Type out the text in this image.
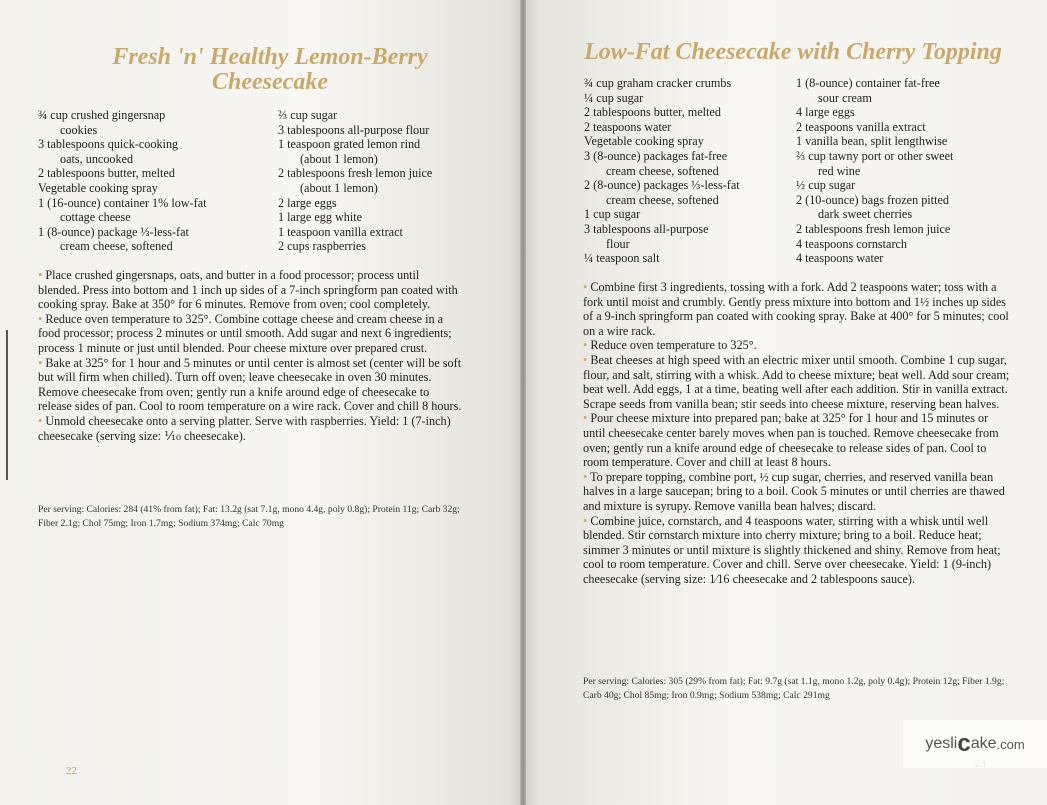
Fresh 'n' Healthy Lemon-Berry
Cheesecake
¾ cup crushed gingersnap
cookies
3 tablespoons quick-cooking
oats, uncooked
2 tablespoons butter, melted
Vegetable cooking spray
1 (16-ounce) container 1% low-fat
cottage cheese
1 (8-ounce) package ⅓-less-fat
cream cheese, softened
⅔ cup sugar
3 tablespoons all-purpose flour
1 teaspoon grated lemon rind
(about 1 lemon)
2 tablespoons fresh lemon juice
(about 1 lemon)
2 large eggs
1 large egg white
1 teaspoon vanilla extract
2 cups raspberries

• Place crushed gingersnaps, oats, and butter in a food processor; process until blended. Press into bottom and 1 inch up sides of a 7-inch springform pan coated with cooking spray. Bake at 350° for 6 minutes. Remove from oven; cool completely.

• Reduce oven temperature to 325°. Combine cottage cheese and cream cheese in a food processor; process 2 minutes or until smooth. Add sugar and next 6 ingredients; process 1 minute or just until blended. Pour cheese mixture over prepared crust.

• Bake at 325° for 1 hour and 5 minutes or until center is almost set (center will be soft but will firm when chilled). Turn off oven; leave cheesecake in oven 30 minutes. Remove cheesecake from oven; gently run a knife around edge of cheesecake to release sides of pan. Cool to room temperature on a wire rack. Cover and chill 8 hours.

• Unmold cheesecake onto a serving platter. Serve with raspberries. Yield: 1 (7-inch) cheesecake (serving size: ⅒ cheesecake).

Per serving: Calories: 284 (41% from fat); Fat: 13.2g (sat 7.1g, mono 4.4g, poly 0.8g); Protein 11g; Carb 32g; Fiber 2.1g; Chol 75mg; Iron 1.7mg; Sodium 374mg; Calc 70mg
22
Low-Fat Cheesecake with Cherry Topping
¾ cup graham cracker crumbs
¼ cup sugar
2 tablespoons butter, melted
2 teaspoons water
Vegetable cooking spray
3 (8-ounce) packages fat-free
cream cheese, softened
2 (8-ounce) packages ⅓-less-fat
cream cheese, softened
1 cup sugar
3 tablespoons all-purpose
flour
¼ teaspoon salt
1 (8-ounce) container fat-free
sour cream
4 large eggs
2 teaspoons vanilla extract
1 vanilla bean, split lengthwise
⅔ cup tawny port or other sweet
red wine
½ cup sugar
2 (10-ounce) bags frozen pitted
dark sweet cherries
2 tablespoons fresh lemon juice
4 teaspoons cornstarch
4 teaspoons water

• Combine first 3 ingredients, tossing with a fork. Add 2 teaspoons water; toss with a fork until moist and crumbly. Gently press mixture into bottom and 1½ inches up sides of a 9-inch springform pan coated with cooking spray. Bake at 400° for 5 minutes; cool on a wire rack.

• Reduce oven temperature to 325°.

• Beat cheeses at high speed with an electric mixer until smooth. Combine 1 cup sugar, flour, and salt, stirring with a whisk. Add to cheese mixture; beat well. Add sour cream; beat well. Add eggs, 1 at a time, beating well after each addition. Stir in vanilla extract. Scrape seeds from vanilla bean; stir seeds into cheese mixture, reserving bean halves.

• Pour cheese mixture into prepared pan; bake at 325° for 1 hour and 15 minutes or until cheesecake center barely moves when pan is touched. Remove cheesecake from oven; gently run a knife around edge of cheesecake to release sides of pan. Cool to room temperature. Cover and chill at least 8 hours.

• To prepare topping, combine port, ½ cup sugar, cherries, and reserved vanilla bean halves in a large saucepan; bring to a boil. Cook 5 minutes or until cherries are thawed and mixture is syrupy. Remove vanilla bean halves; discard.

• Combine juice, cornstarch, and 4 teaspoons water, stirring with a whisk until well blended. Stir cornstarch mixture into cherry mixture; bring to a boil. Reduce heat; simmer 3 minutes or until mixture is slightly thickened and shiny. Remove from heat; cool to room temperature. Cover and chill. Serve over cheesecake. Yield: 1 (9-inch) cheesecake (serving size: 1⁄16 cheesecake and 2 tablespoons sauce).

Per serving: Calories: 305 (29% from fat); Fat: 9.7g (sat 1.1g, mono 1.2g, poly 0.4g); Protein 12g; Fiber 1.9g; Carb 40g; Chol 85mg; Iron 0.9mg; Sodium 538mg; Calc 291mg
yesli c ake .com
